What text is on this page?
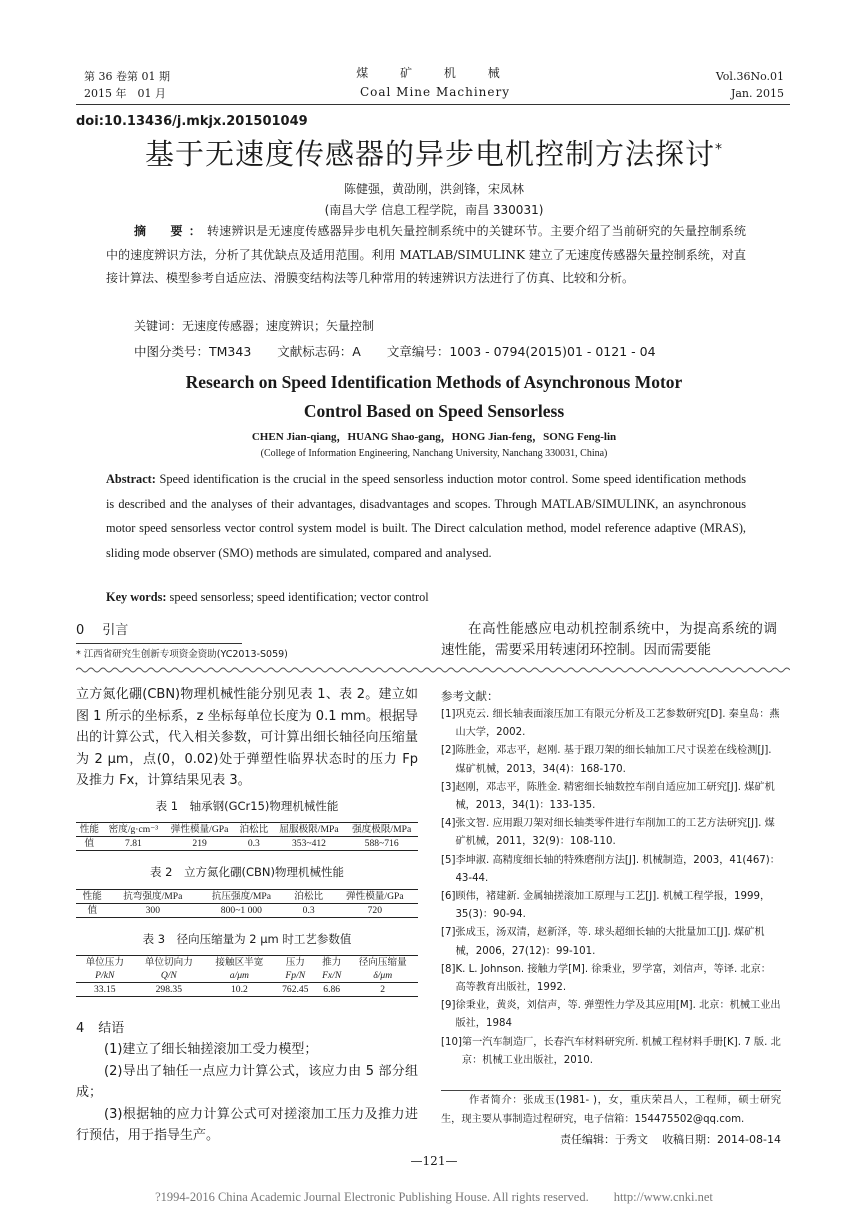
第 36 卷第 01 期
2015 年　01 月
煤 矿 机 械
Coal Mine Machinery
Vol.36No.01
Jan. 2015
doi:10.13436/j.mkjx.201501049
基于无速度传感器的异步电机控制方法探讨*
陈健强，黄劭刚，洪剑锋，宋凤林
(南昌大学 信息工程学院，南昌 330031)
摘　要：转速辨识是无速度传感器异步电机矢量控制系统中的关键环节。主要介绍了当前研究的矢量控制系统中的速度辨识方法，分析了其优缺点及适用范围。利用 MATLAB/SIMULINK 建立了无速度传感器矢量控制系统，对直接计算法、模型参考自适应法、滑膜变结构法等几种常用的转速辨识方法进行了仿真、比较和分析。
关键词：无速度传感器；速度辨识；矢量控制
中图分类号：TM343 文献标志码：A 文章编号：1003 - 0794(2015)01 - 0121 - 04
Research on Speed Identification Methods of Asynchronous Motor
Control Based on Speed Sensorless
CHEN Jian-qiang，HUANG Shao-gang，HONG Jian-feng，SONG Feng-lin
(College of Information Engineering, Nanchang University, Nanchang 330031, China)
Abstract: Speed identification is the crucial in the speed sensorless induction motor control. Some speed identification methods is described and the analyses of their advantages, disadvantages and scopes. Through MATLAB/SIMULINK, an asynchronous motor speed sensorless vector control system model is built. The Direct calculation method, model reference adaptive (MRAS), sliding mode observer (SMO) methods are simulated, compared and analysed.
Key words: speed sensorless; speed identification; vector control
0 引言
* 江西省研究生创新专项资金资助(YC2013-S059)
在高性能感应电动机控制系统中，为提高系统的调速性能，需要采用转速闭环控制。因而需要能
立方氮化硼(CBN)物理机械性能分别见表 1、表 2。建立如图 1 所示的坐标系，z 坐标每单位长度为 0.1 mm。根据导出的计算公式，代入相关参数，可计算出细长轴径向压缩量为 2 μm，点(0，0.02)处于弹塑性临界状态时的压力 Fp 及推力 Fx，计算结果见表 3。
表 1　轴承钢(GCr15)物理机械性能
性能	密度/g·cm⁻³	弹性模量/GPa	泊松比	屈服极限/MPa	强度极限/MPa
值	7.81	219	0.3	353~412	588~716
表 2　立方氮化硼(CBN)物理机械性能
性能	抗弯强度/MPa	抗压强度/MPa	泊松比	弹性模量/GPa
值	300	800~1 000	0.3	720
表 3　径向压缩量为 2 μm 时工艺参数值
单位压力	单位切向力	接触区半宽	压力	推力	径向压缩量
P/kN	Q/N	a/μm	Fp/N	Fx/N	δ/μm
33.15	298.35	10.2	762.45	6.86	2
4 结语

(1)建立了细长轴搓滚加工受力模型；

(2)导出了轴任一点应力计算公式，该应力由 5 部分组成；

(3)根据轴的应力计算公式可对搓滚加工压力及推力进行预估，用于指导生产。

参考文献：
[1] 巩克云. 细长轴表面滚压加工有限元分析及工艺参数研究[D]. 秦皇岛：燕山大学，2002.
[2] 陈胜金，邓志平，赵刚. 基于跟刀架的细长轴加工尺寸误差在线检测[J]. 煤矿机械，2013，34(4)：168-170.
[3] 赵刚，邓志平，陈胜金. 精密细长轴数控车削自适应加工研究[J]. 煤矿机械，2013，34(1)：133-135.
[4] 张文智. 应用跟刀架对细长轴类零件进行车削加工的工艺方法研究[J]. 煤矿机械，2011，32(9)：108-110.
[5] 李坤淑. 高精度细长轴的特殊磨削方法[J]. 机械制造，2003，41(467)：43-44.
[6] 顾伟，褚建新. 金属轴搓滚加工原理与工艺[J]. 机械工程学报，1999，35(3)：90-94.
[7] 张成玉，汤双清，赵新泽，等. 球头超细长轴的大批量加工[J]. 煤矿机械，2006，27(12)：99-101.
[8] K. L. Johnson. 接触力学[M]. 徐秉业，罗学富，刘信声，等译. 北京：高等教育出版社，1992.
[9] 徐秉业，黄炎，刘信声，等. 弹塑性力学及其应用[M]. 北京：机械工业出版社，1984
[10] 第一汽车制造厂，长春汽车材料研究所. 机械工程材料手册[K]. 7 版. 北京：机械工业出版社，2010.
作者简介：张成玉(1981- )，女，重庆荣昌人，工程师，硕士研究生，现主要从事制造过程研究，电子信箱：154475502@qq.com.
责任编辑：于秀文 收稿日期：2014-08-14
—121—
?1994-2016 China Academic Journal Electronic Publishing House. All rights reserved.　　http://www.cnki.net
